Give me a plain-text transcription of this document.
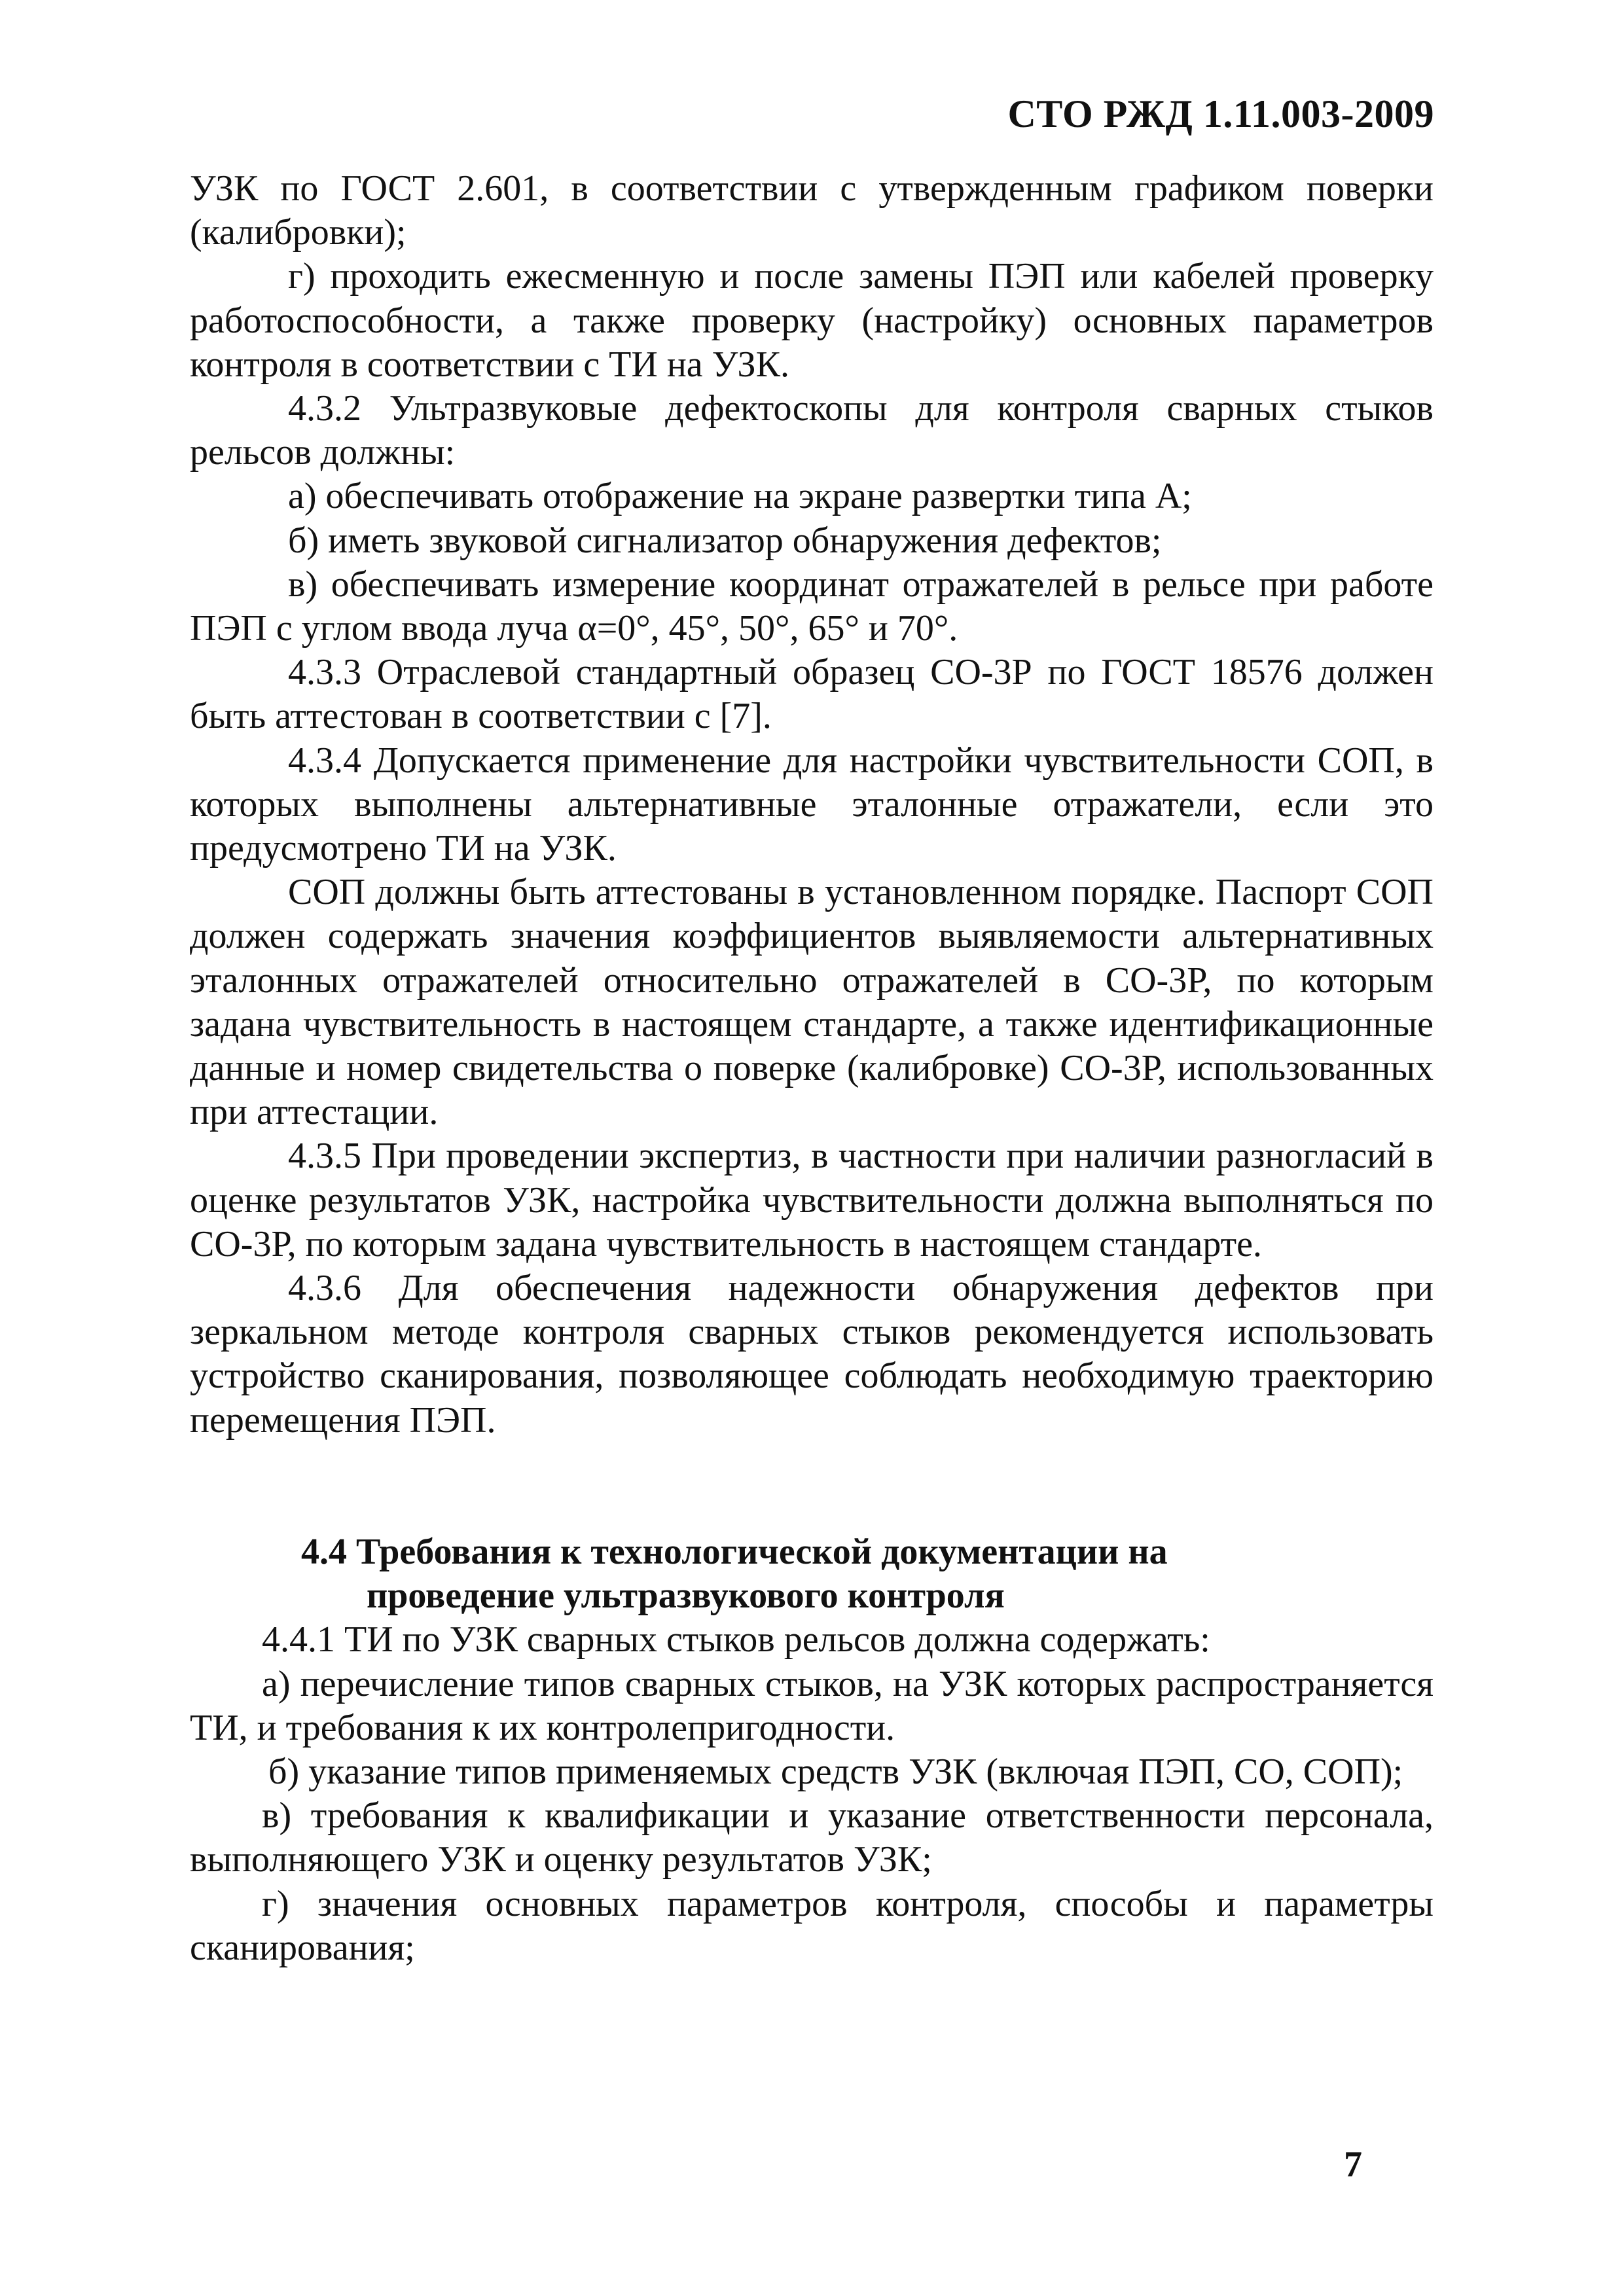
СТО РЖД 1.11.003-2009

УЗК по ГОСТ 2.601, в соответствии с утвержденным графиком поверки (калибровки);

г) проходить ежесменную и после замены ПЭП или кабелей проверку работоспособности, а также проверку (настройку) основных параметров контроля в соответствии с ТИ на УЗК.

4.3.2 Ультразвуковые дефектоскопы для контроля сварных стыков рельсов должны:

а) обеспечивать отображение на экране развертки типа А;

б) иметь звуковой сигнализатор обнаружения дефектов;

в) обеспечивать измерение координат отражателей в рельсе при работе ПЭП с углом ввода луча α=0°, 45°, 50°, 65° и 70°.

4.3.3 Отраслевой стандартный образец СО-3Р по ГОСТ 18576 должен быть аттестован в соответствии с [7].

4.3.4 Допускается применение для настройки чувствительности СОП, в которых выполнены альтернативные эталонные отражатели, если это предусмотрено ТИ на УЗК.

СОП должны быть аттестованы в установленном порядке. Паспорт СОП должен содержать значения коэффициентов выявляемости альтернативных эталонных отражателей относительно отражателей в СО-3Р, по которым задана чувствительность в настоящем стандарте, а также идентификационные данные и номер свидетельства о поверке (калибровке) СО-3Р, использованных при аттестации.

4.3.5 При проведении экспертиз, в частности при наличии разногласий в оценке результатов УЗК, настройка чувствительности должна выполняться по СО-3Р, по которым задана чувствительность в настоящем стандарте.

4.3.6 Для обеспечения надежности обнаружения дефектов при зеркальном методе контроля сварных стыков рекомендуется использовать устройство сканирования, позволяющее соблюдать необходимую траекторию перемещения ПЭП.

4.4 Требования к технологической документации на
проведение ультразвукового контроля

4.4.1 ТИ по УЗК сварных стыков рельсов должна содержать:

а) перечисление типов сварных стыков, на УЗК которых распространяется ТИ, и требования к их контролепригодности.

б) указание типов применяемых средств УЗК (включая ПЭП, СО, СОП);

в) требования к квалификации и указание ответственности персонала, выполняющего УЗК и оценку результатов УЗК;

г) значения основных параметров контроля, способы и параметры сканирования;

7
